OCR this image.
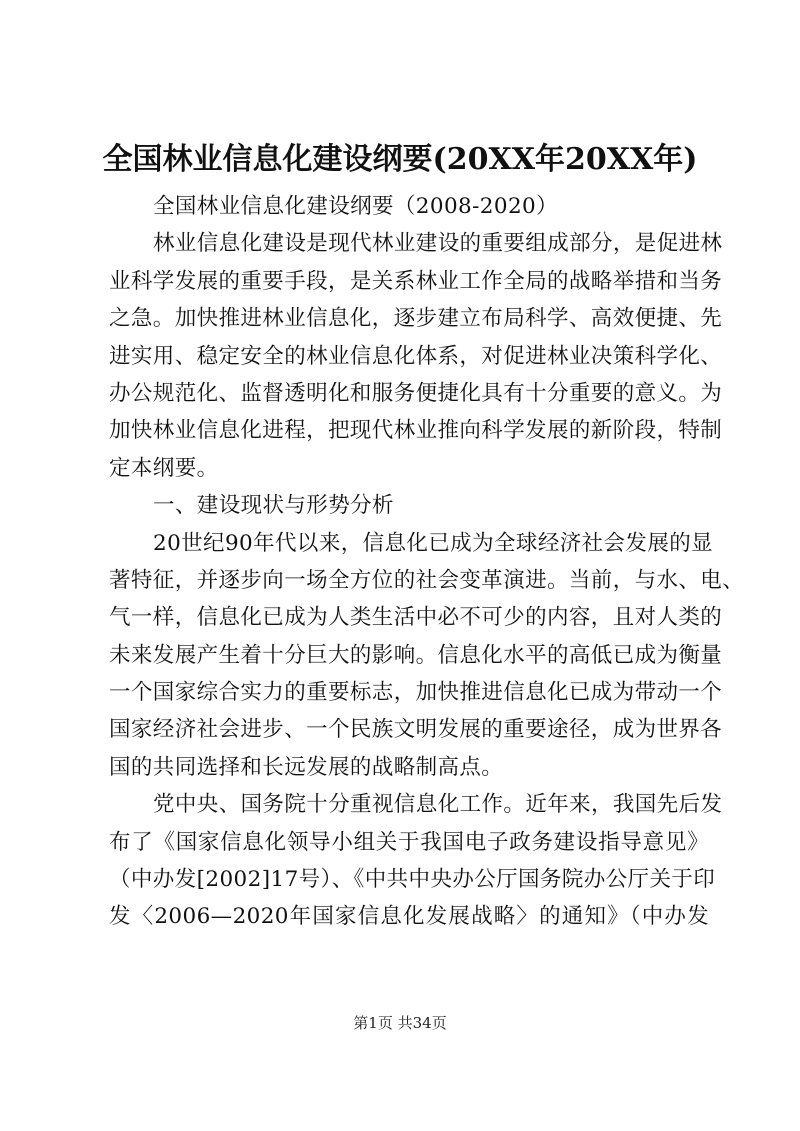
全国林业信息化建设纲要(20XX年20XX年)
全国林业信息化建设纲要（2008-2020）
林业信息化建设是现代林业建设的重要组成部分，是促进林
业科学发展的重要手段，是关系林业工作全局的战略举措和当务
之急。加快推进林业信息化，逐步建立布局科学、高效便捷、先
进实用、稳定安全的林业信息化体系，对促进林业决策科学化、
办公规范化、监督透明化和服务便捷化具有十分重要的意义。为
加快林业信息化进程，把现代林业推向科学发展的新阶段，特制
定本纲要。
一、建设现状与形势分析
20世纪90年代以来，信息化已成为全球经济社会发展的显
著特征，并逐步向一场全方位的社会变革演进。当前，与水、电、
气一样，信息化已成为人类生活中必不可少的内容，且对人类的
未来发展产生着十分巨大的影响。信息化水平的高低已成为衡量
一个国家综合实力的重要标志，加快推进信息化已成为带动一个
国家经济社会进步、一个民族文明发展的重要途径，成为世界各
国的共同选择和长远发展的战略制高点。
党中央、国务院十分重视信息化工作。近年来，我国先后发
布了《国家信息化领导小组关于我国电子政务建设指导意见》
（中办发[2002]17号）、《中共中央办公厅国务院办公厅关于印
发〈2006—2020年国家信息化发展战略〉的通知》（中办发
第1页 共34页
